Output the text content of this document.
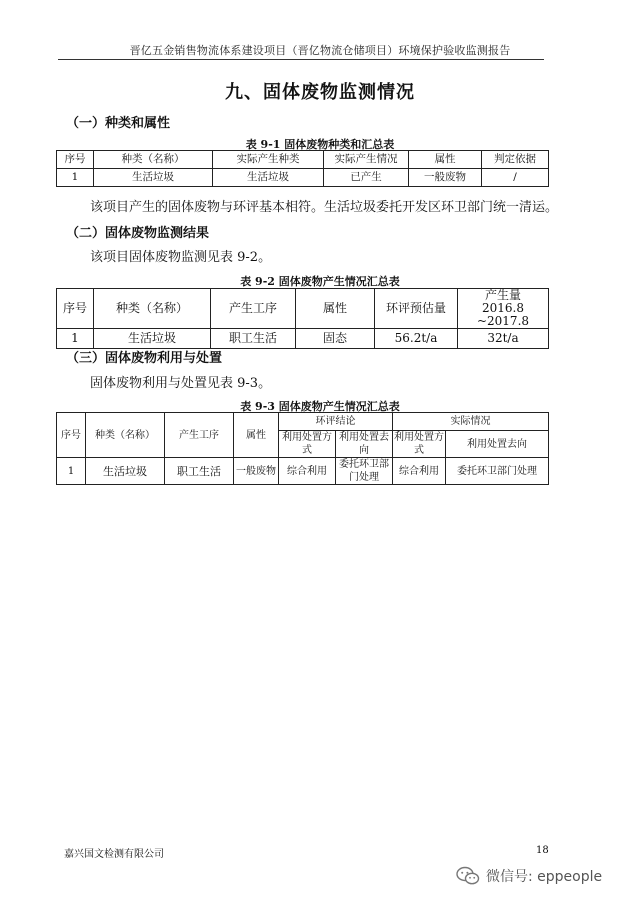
晋亿五金销售物流体系建设项目（晋亿物流仓储项目）环境保护验收监测报告
九、固体废物监测情况
（一）种类和属性
表 9-1 固体废物种类和汇总表
序号	种类（名称）	实际产生种类	实际产生情况	属性	判定依据
1	生活垃圾	生活垃圾	已产生	一般废物	/
该项目产生的固体废物与环评基本相符。生活垃圾委托开发区环卫部门统一清运。
（二）固体废物监测结果
该项目固体废物监测见表 9-2。
表 9-2 固体废物产生情况汇总表
序号	种类（名称）	产生工序	属性	环评预估量	产生量
2016.8 ~2017.8

1	生活垃圾	职工生活	固态	56.2t/a	32t/a
（三）固体废物利用与处置
固体废物利用与处置见表 9-3。
表 9-3 固体废物产生情况汇总表
序号	种类（名称）	产生工序	属性	环评结论		实际情况	
				利用处置方式	利用处置去向	利用处置方式	利用处置去向
1	生活垃圾	职工生活	一般废物	综合利用	委托环卫部门处理	综合利用	委托环卫部门处理
嘉兴国文检测有限公司	18
微信号: eppeople
